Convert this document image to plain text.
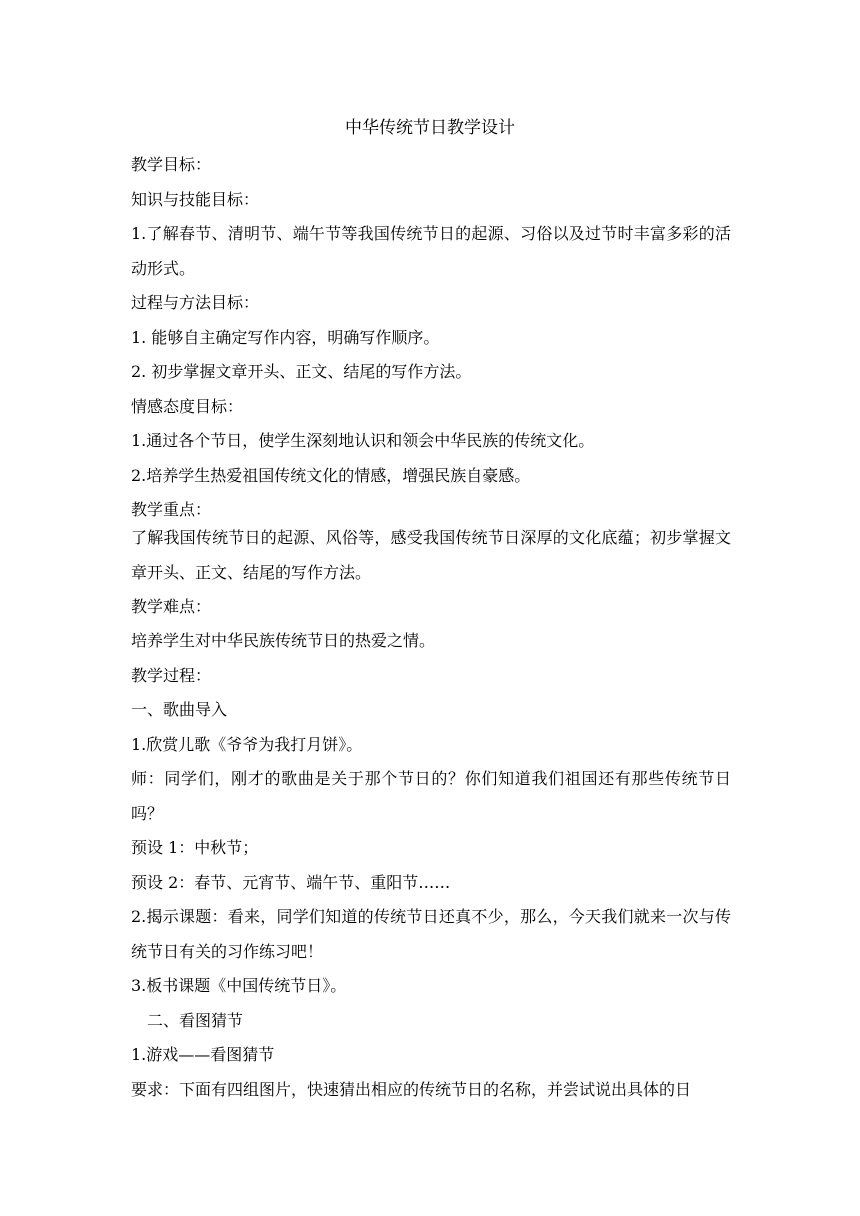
中华传统节日教学设计
教学目标：
知识与技能目标：
1.了解春节、清明节、端午节等我国传统节日的起源、习俗以及过节时丰富多彩的活动形式。
过程与方法目标：
1. 能够自主确定写作内容，明确写作顺序。
2. 初步掌握文章开头、正文、结尾的写作方法。
情感态度目标：
1.通过各个节日，使学生深刻地认识和领会中华民族的传统文化。
2.培养学生热爱祖国传统文化的情感，增强民族自豪感。
教学重点：
了解我国传统节日的起源、风俗等，感受我国传统节日深厚的文化底蕴；初步掌握文章开头、正文、结尾的写作方法。
教学难点：
培养学生对中华民族传统节日的热爱之情。
教学过程：
一、歌曲导入
1.欣赏儿歌《爷爷为我打月饼》。
师：同学们，刚才的歌曲是关于那个节日的？你们知道我们祖国还有那些传统节日吗？
预设 1：中秋节；
预设 2：春节、元宵节、端午节、重阳节……
2.揭示课题：看来，同学们知道的传统节日还真不少，那么，今天我们就来一次与传统节日有关的习作练习吧！
3.板书课题《中国传统节日》。
二、看图猜节
1.游戏——看图猜节
要求：下面有四组图片，快速猜出相应的传统节日的名称，并尝试说出具体的日
